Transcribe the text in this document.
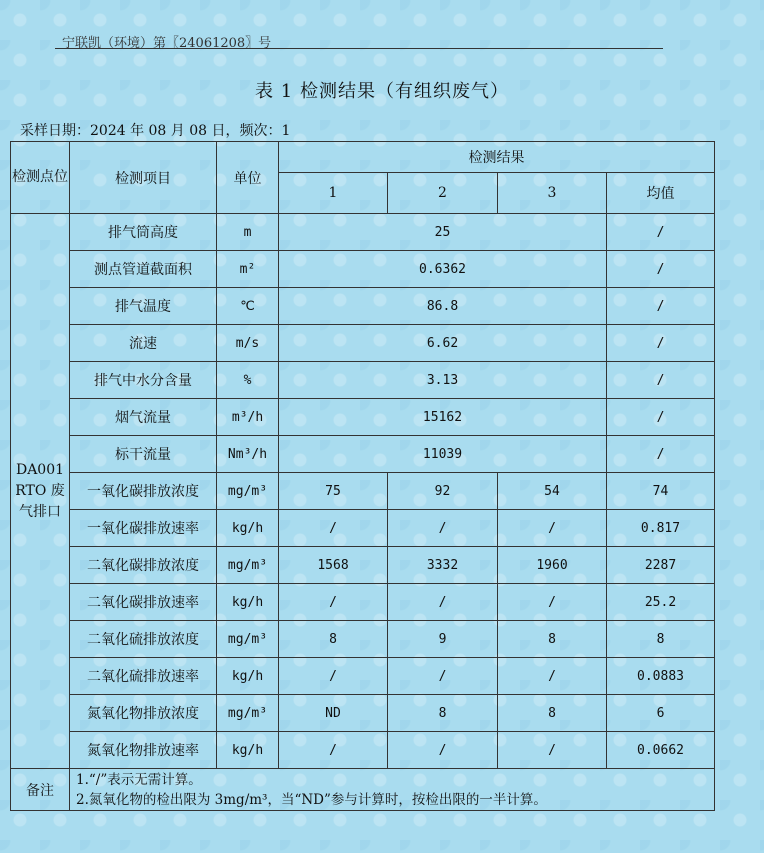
宁联凯（环境）第〖24061208〗号
表 1 检测结果（有组织废气）
采样日期：2024 年 08 月 08 日，频次：1
检测点位	检测项目	单位	检测结果			
			1	2	3	均值
DA001 RTO 废气排口	排气筒高度	m	25			/
	测点管道截面积	m²	0.6362			/
	排气温度	℃	86.8			/
	流速	m/s	6.62			/
	排气中水分含量	%	3.13			/
	烟气流量	m³/h	15162			/
	标干流量	Nm³/h	11039			/
	一氧化碳排放浓度	mg/m³	75	92	54	74
	一氧化碳排放速率	kg/h	/	/	/	0.817
	二氧化碳排放浓度	mg/m³	1568	3332	1960	2287
	二氧化碳排放速率	kg/h	/	/	/	25.2
	二氧化硫排放浓度	mg/m³	8	9	8	8
	二氧化硫排放速率	kg/h	/	/	/	0.0883
	氮氧化物排放浓度	mg/m³	ND	8	8	6
	氮氧化物排放速率	kg/h	/	/	/	0.0662
备注	1.“/”表示无需计算。
2.氮氧化物的检出限为 3mg/m³，当“ND”参与计算时，按检出限的一半计算。					
